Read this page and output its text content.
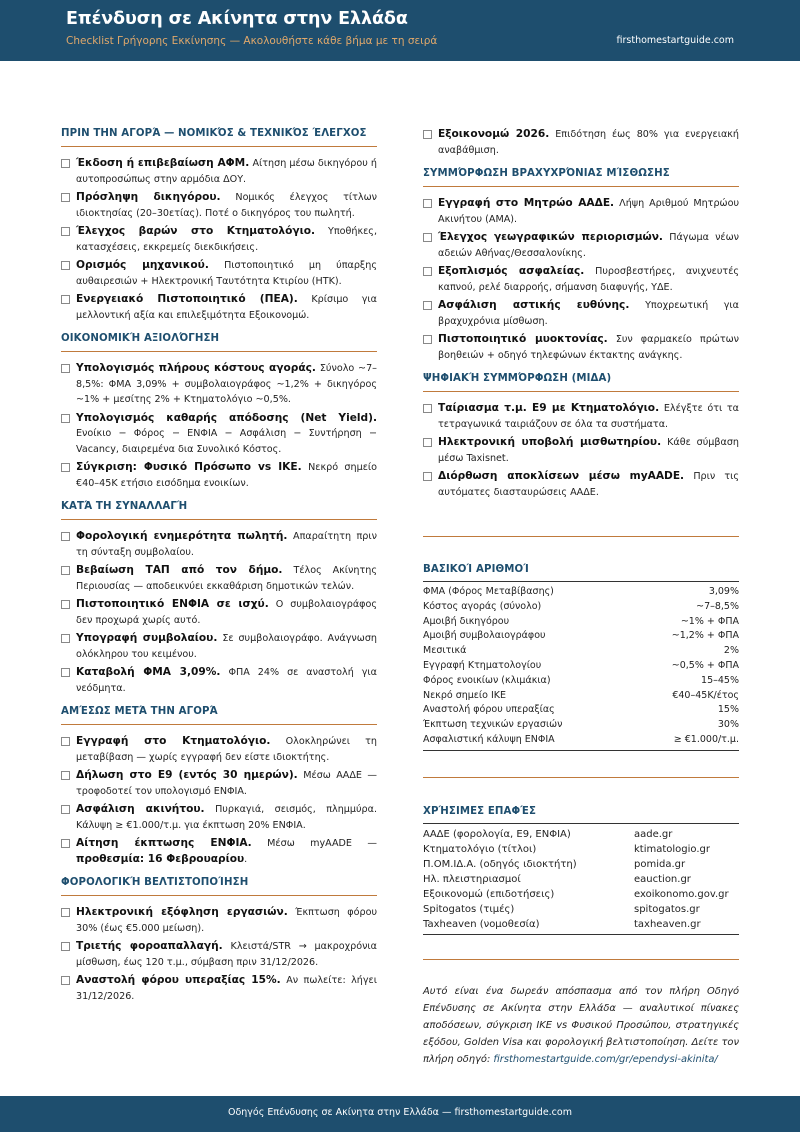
Επένδυση σε Ακίνητα στην Ελλάδα
Checklist Γρήγορης Εκκίνησης — Ακολουθήστε κάθε βήμα με τη σειρά	firsthomestartguide.com
ΠΡΙΝ ΤΗΝ ΑΓΟΡΆ — ΝΟΜΙΚΌΣ & ΤΕΧΝΙΚΌΣ ΈΛΕΓΧΟΣ
Έκδοση ή επιβεβαίωση ΑΦΜ. Αίτηση μέσω δικηγόρου ή αυτοπροσώπως στην αρμόδια ΔΟΥ.
Πρόσληψη δικηγόρου. Νομικός έλεγχος τίτλων ιδιοκτησίας (20–30ετίας). Ποτέ ο δικηγόρος του πωλητή.
Έλεγχος βαρών στο Κτηματολόγιο. Υποθήκες, κατασχέσεις, εκκρεμείς διεκδικήσεις.
Ορισμός μηχανικού. Πιστοποιητικό μη ύπαρξης αυθαιρεσιών + Ηλεκτρονική Ταυτότητα Κτιρίου (ΗΤΚ).
Ενεργειακό Πιστοποιητικό (ΠΕΑ). Κρίσιμο για μελλοντική αξία και επιλεξιμότητα Εξοικονομώ.
ΟΙΚΟΝΟΜΙΚΉ ΑΞΙΟΛΌΓΗΣΗ
Υπολογισμός πλήρους κόστους αγοράς. Σύνολο ~7–8,5%: ΦΜΑ 3,09% + συμβολαιογράφος ~1,2% + δικηγόρος ~1% + μεσίτης 2% + Κτηματολόγιο ~0,5%.
Υπολογισμός καθαρής απόδοσης (Net Yield). Ενοίκιο − Φόρος − ΕΝΦΙΑ − Ασφάλιση − Συντήρηση − Vacancy, διαιρεμένα δια Συνολικό Κόστος.
Σύγκριση: Φυσικό Πρόσωπο vs ΙΚΕ. Νεκρό σημείο €40–45K ετήσιο εισόδημα ενοικίων.
ΚΑΤΆ ΤΗ ΣΥΝΑΛΛΑΓΉ
Φορολογική ενημερότητα πωλητή. Απαραίτητη πριν τη σύνταξη συμβολαίου.
Βεβαίωση ΤΑΠ από τον δήμο. Τέλος Ακίνητης Περιουσίας — αποδεικνύει εκκαθάριση δημοτικών τελών.
Πιστοποιητικό ΕΝΦΙΑ σε ισχύ. Ο συμβολαιογράφος δεν προχωρά χωρίς αυτό.
Υπογραφή συμβολαίου. Σε συμβολαιογράφο. Ανάγνωση ολόκληρου του κειμένου.
Καταβολή ΦΜΑ 3,09%. ΦΠΑ 24% σε αναστολή για νεόδμητα.
ΑΜΈΣΩΣ ΜΕΤΆ ΤΗΝ ΑΓΟΡΆ
Εγγραφή στο Κτηματολόγιο. Ολοκληρώνει τη μεταβίβαση — χωρίς εγγραφή δεν είστε ιδιοκτήτης.
Δήλωση στο Ε9 (εντός 30 ημερών). Μέσω ΑΑΔΕ — τροφοδοτεί τον υπολογισμό ΕΝΦΙΑ.
Ασφάλιση ακινήτου. Πυρκαγιά, σεισμός, πλημμύρα. Κάλυψη ≥ €1.000/τ.μ. για έκπτωση 20% ΕΝΦΙΑ.
Αίτηση έκπτωσης ΕΝΦΙΑ. Μέσω myAADE — προθεσμία: 16 Φεβρουαρίου.
ΦΟΡΟΛΟΓΙΚΉ ΒΕΛΤΙΣΤΟΠΟΊΗΣΗ
Ηλεκτρονική εξόφληση εργασιών. Έκπτωση φόρου 30% (έως €5.000 μείωση).
Τριετής φοροαπαλλαγή. Κλειστά/STR → μακροχρόνια μίσθωση, έως 120 τ.μ., σύμβαση πριν 31/12/2026.
Αναστολή φόρου υπεραξίας 15%. Αν πωλείτε: λήγει 31/12/2026.
Εξοικονομώ 2026. Επιδότηση έως 80% για ενεργειακή αναβάθμιση.
ΣΥΜΜΌΡΦΩΣΗ ΒΡΑΧΥΧΡΌΝΙΑΣ ΜΊΣΘΩΣΗΣ
Εγγραφή στο Μητρώο ΑΑΔΕ. Λήψη Αριθμού Μητρώου Ακινήτου (ΑΜΑ).
Έλεγχος γεωγραφικών περιορισμών. Πάγωμα νέων αδειών Αθήνας/Θεσσαλονίκης.
Εξοπλισμός ασφαλείας. Πυροσβεστήρες, ανιχνευτές καπνού, ρελέ διαρροής, σήμανση διαφυγής, ΥΔΕ.
Ασφάλιση αστικής ευθύνης. Υποχρεωτική για βραχυχρόνια μίσθωση.
Πιστοποιητικό μυοκτονίας. Συν φαρμακείο πρώτων βοηθειών + οδηγό τηλεφώνων έκτακτης ανάγκης.
ΨΗΦΙΑΚΉ ΣΥΜΜΌΡΦΩΣΗ (ΜΙΔΑ)
Ταίριασμα τ.μ. Ε9 με Κτηματολόγιο. Ελέγξτε ότι τα τετραγωνικά ταιριάζουν σε όλα τα συστήματα.
Ηλεκτρονική υποβολή μισθωτηρίου. Κάθε σύμβαση μέσω Taxisnet.
Διόρθωση αποκλίσεων μέσω myAADE. Πριν τις αυτόματες διασταυρώσεις ΑΑΔΕ.
ΒΑΣΙΚΟΊ ΑΡΙΘΜΟΊ
ΦΜΑ (Φόρος Μεταβίβασης)	3,09%
Κόστος αγοράς (σύνολο)	~7–8,5%
Αμοιβή δικηγόρου	~1% + ΦΠΑ
Αμοιβή συμβολαιογράφου	~1,2% + ΦΠΑ
Μεσιτικά	2%
Εγγραφή Κτηματολογίου	~0,5% + ΦΠΑ
Φόρος ενοικίων (κλιμάκια)	15–45%
Νεκρό σημείο ΙΚΕ	€40–45Κ/έτος
Αναστολή φόρου υπεραξίας	15%
Έκπτωση τεχνικών εργασιών	30%
Ασφαλιστική κάλυψη ΕΝΦΙΑ	≥ €1.000/τ.μ.
ΧΡΉΣΙΜΕΣ ΕΠΑΦΈΣ
ΑΑΔΕ (φορολογία, Ε9, ΕΝΦΙΑ)	aade.gr
Κτηματολόγιο (τίτλοι)	ktimatologio.gr
Π.ΟΜ.ΙΔ.Α. (οδηγός ιδιοκτήτη)	pomida.gr
Ηλ. πλειστηριασμοί	eauction.gr
Εξοικονομώ (επιδοτήσεις)	exoikonomo.gov.gr
Spitogatos (τιμές)	spitogatos.gr
Taxheaven (νομοθεσία)	taxheaven.gr
Αυτό είναι ένα δωρεάν απόσπασμα από τον πλήρη Οδηγό Επένδυσης σε Ακίνητα στην Ελλάδα — αναλυτικοί πίνακες αποδόσεων, σύγκριση ΙΚΕ vs Φυσικού Προσώπου, στρατηγικές εξόδου, Golden Visa και φορολογική βελτιστοποίηση. Δείτε τον πλήρη οδηγό: firsthomestartguide.com/gr/ependysi-akinita/
Οδηγός Επένδυσης σε Ακίνητα στην Ελλάδα — firsthomestartguide.com
